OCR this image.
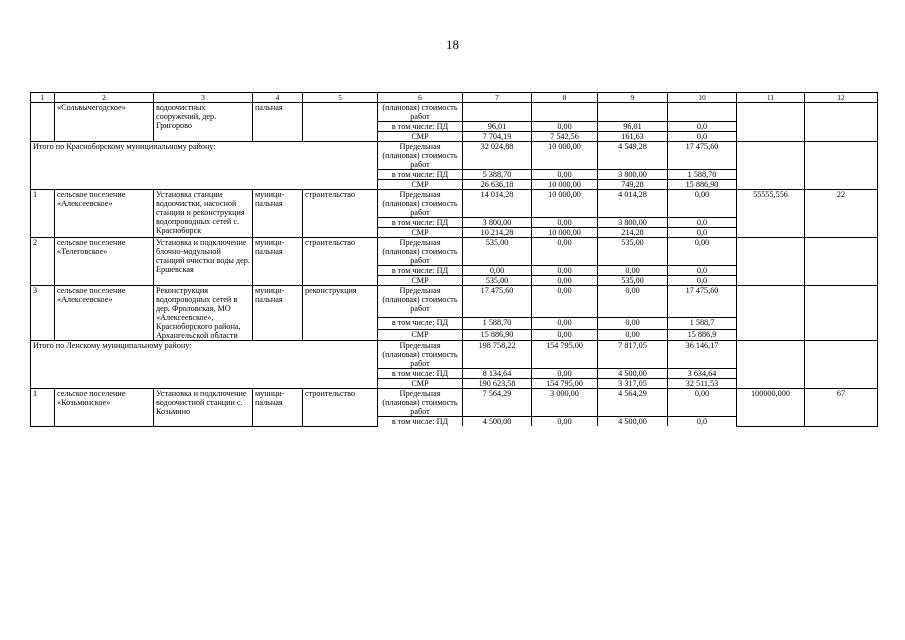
18
1	2	3	4	5	6	7	8	9	10	11	12
	«Сольвычегодское»	водоочистных сооружений, дер. Григорово	пальная		(плановая) стоимость работ						
					в том числе: ПД	96,01	0,00	96,01	0,0		
					СМР	7 704,19	7 542,56	161,63	0,0		
Итого по Красноборскому муниципальному району:					Предельная (плановая) стоимость работ	32 024,88	10 000,00	4 549,28	17 475,60		
					в том числе: ПД	5 388,70	0,00	3 800,00	1 588,70		
					СМР	26 636,18	10 000,00	749,28	15 886,90		
1	сельское поселение «Алексеевское»	Установка станции водоочистки, насосной станции и реконструкция водопроводных сетей с. Красноборск	муници-пальная	строительство	Предельная (плановая) стоимость работ	14 014,28	10 000,00	4 014,28	0,00	55555,556	22
					в том числе: ПД	3 800,00	0,00	3 800,00	0,0		
					СМР	10 214,28	10 000,00	214,28	0,0		
2	сельское поселение «Телеговское»	Установка и подключение блочно-модульной станций очистки воды дер. Ершевская	муници-пальная	строительство	Предельная (плановая) стоимость работ	535,00	0,00	535,00	0,00		
					в том числе: ПД	0,00	0,00	0,00	0,0		
					СМР	535,00	0,00	535,00	0,0		
3	сельское поселение «Алексеевское»	Реконструкция водопроводных сетей в дер. Фроловская, МО «Алексеевское», Красноборского района, Архангельской области	муници-пальная	реконструкция	Предельная (плановая) стоимость работ	17 475,60	0,00	0,00	17 475,60		
					в том числе: ПД	1 588,70	0,00	0,00	1 588,7		
					СМР	15 886,90	0,00	0,00	15 886,9		
Итого по Ленскому муниципальному району:					Предельная (плановая) стоимость работ	198 758,22	154 795,00	7 817,05	36 146,17		
					в том числе: ПД	8 134,64	0,00	4 500,00	3 634,64		
					СМР	190 623,58	154 795,00	3 317,05	32 511,53		
1	сельское поселение «Козьминское»	Установка и подключение водоочистной станции с. Козьмино	муници-пальная	строительство	Предельная (плановая) стоимость работ	7 564,29	3 000,00	4 564,29	0,00	100000,000	67
					в том числе: ПД	4 500,00	0,00	4 500,00	0,0		
